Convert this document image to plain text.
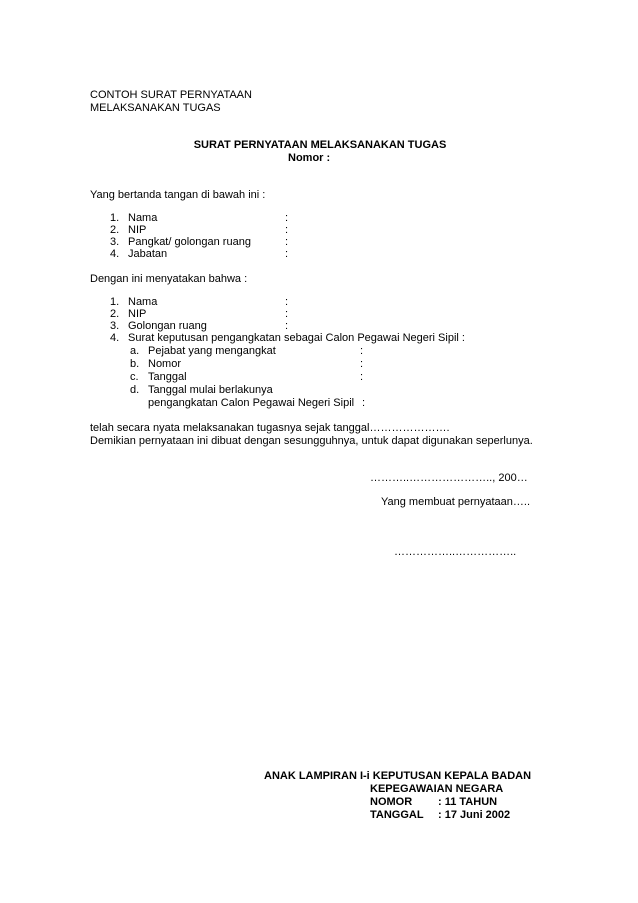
CONTOH SURAT PERNYATAAN
MELAKSANAKAN TUGAS
SURAT PERNYATAAN MELAKSANAKAN TUGAS
Nomor :
Yang bertanda tangan di bawah ini :
1. Nama	:
2. NIP	:
3. Pangkat/ golongan ruang	:
4. Jabatan	:
Dengan ini menyatakan bahwa :
1. Nama	:
2. NIP	:
3. Golongan ruang	:
4. Surat keputusan pengangkatan sebagai Calon Pegawai Negeri Sipil :
a. Pejabat yang mengangkat	:
b. Nomor	:
c. Tanggal	:
d. Tanggal mulai berlakunya
pengangkatan Calon Pegawai Negeri Sipil :
telah secara nyata melaksanakan tugasnya sejak tanggal………………….
Demikian pernyataan ini dibuat dengan sesungguhnya, untuk dapat digunakan seperlunya.
………..………………….., 200…
Yang membuat pernyataan…..
……………..……………..
ANAK LAMPIRAN I-i KEPUTUSAN KEPALA BADAN
KEPEGAWAIAN NEGARA
NOMOR : 11 TAHUN
TANGGAL : 17 Juni 2002
